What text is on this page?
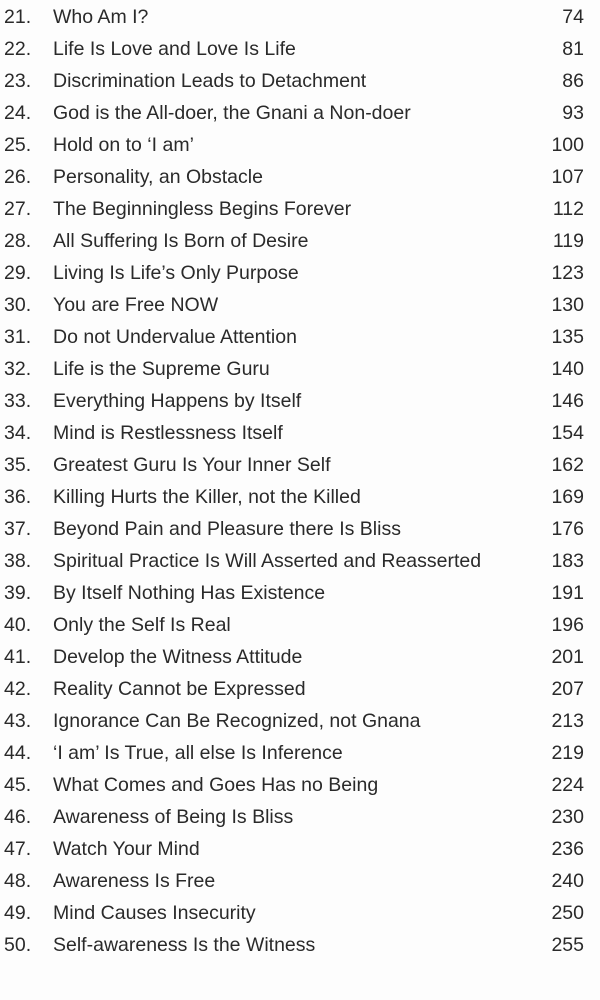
21.	Who Am I?	74
22.	Life Is Love and Love Is Life	81
23.	Discrimination Leads to Detachment	86
24.	God is the All-doer, the Gnani a Non-doer	93
25.	Hold on to ‘I am’	100
26.	Personality, an Obstacle	107
27.	The Beginningless Begins Forever	112
28.	All Suffering Is Born of Desire	119
29.	Living Is Life’s Only Purpose	123
30.	You are Free NOW	130
31.	Do not Undervalue Attention	135
32.	Life is the Supreme Guru	140
33.	Everything Happens by Itself	146
34.	Mind is Restlessness Itself	154
35.	Greatest Guru Is Your Inner Self	162
36.	Killing Hurts the Killer, not the Killed	169
37.	Beyond Pain and Pleasure there Is Bliss	176
38.	Spiritual Practice Is Will Asserted and Reasserted	183
39.	By Itself Nothing Has Existence	191
40.	Only the Self Is Real	196
41.	Develop the Witness Attitude	201
42.	Reality Cannot be Expressed	207
43.	Ignorance Can Be Recognized, not Gnana	213
44.	‘I am’ Is True, all else Is Inference	219
45.	What Comes and Goes Has no Being	224
46.	Awareness of Being Is Bliss	230
47.	Watch Your Mind	236
48.	Awareness Is Free	240
49.	Mind Causes Insecurity	250
50.	Self-awareness Is the Witness	255
